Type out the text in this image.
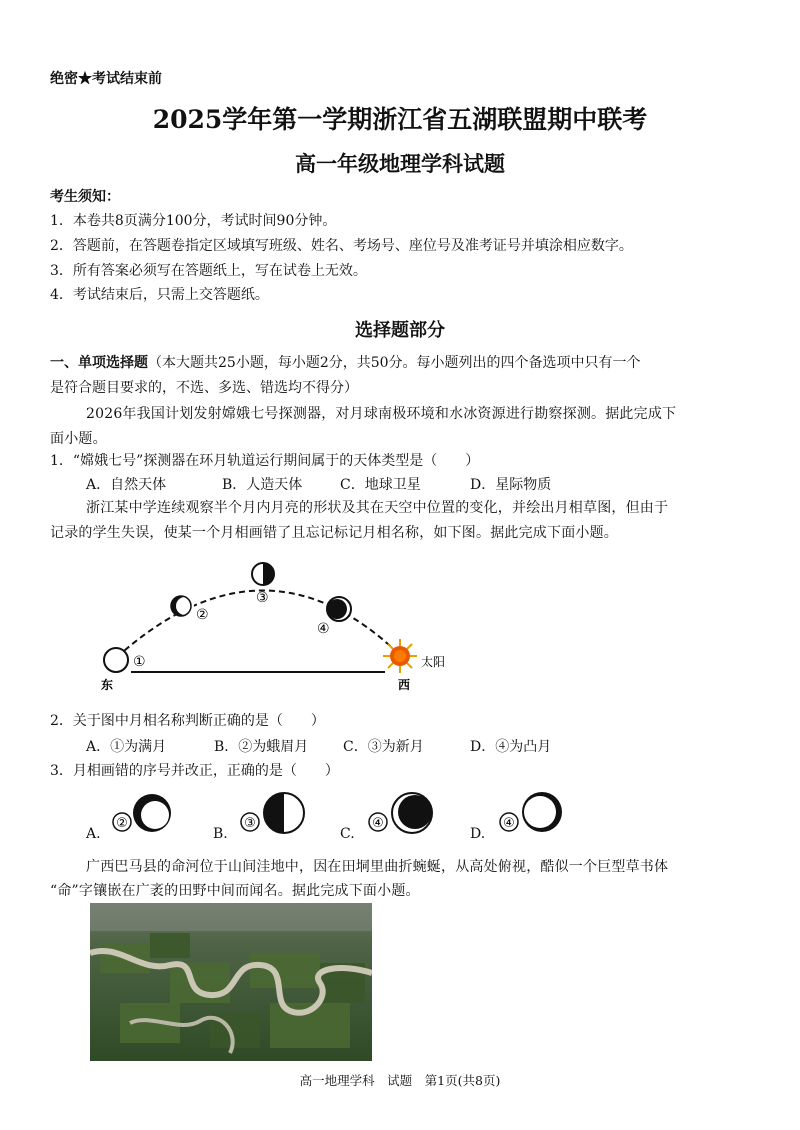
绝密★考试结束前
2025学年第一学期浙江省五湖联盟期中联考
高一年级地理学科试题
考生须知：
1．本卷共8页满分100分，考试时间90分钟。
2．答题前，在答题卷指定区域填写班级、姓名、考场号、座位号及准考证号并填涂相应数字。
3．所有答案必须写在答题纸上，写在试卷上无效。
4．考试结束后，只需上交答题纸。
选择题部分
一、单项选择题（本大题共25小题，每小题2分，共50分。每小题列出的四个备选项中只有一个
是符合题目要求的，不选、多选、错选均不得分）
2026年我国计划发射嫦娥七号探测器，对月球南极环境和水冰资源进行勘察探测。据此完成下
面小题。
1．“嫦娥七号”探测器在环月轨道运行期间属于的天体类型是（　　）
A．自然天体	B．人造天体	C．地球卫星	D．星际物质
浙江某中学连续观察半个月内月亮的形状及其在天空中位置的变化，并绘出月相草图，但由于
记录的学生失误，使某一个月相画错了且忘记标记月相名称，如下图。据此完成下面小题。
①
②
③
④
太阳
东	西
2．关于图中月相名称判断正确的是（　　）
A．①为满月	B．②为蛾眉月 C．③为新月	D．④为凸月
3．月相画错的序号并改正，正确的是（　　）
A.
②
B.
③
C.
④
D.
④
广西巴马县的命河位于山间洼地中，因在田垌里曲折蜿蜒，从高处俯视，酷似一个巨型草书体
“命”字镶嵌在广袤的田野中间而闻名。据此完成下面小题。
高一地理学科　试题　第1页(共8页)
